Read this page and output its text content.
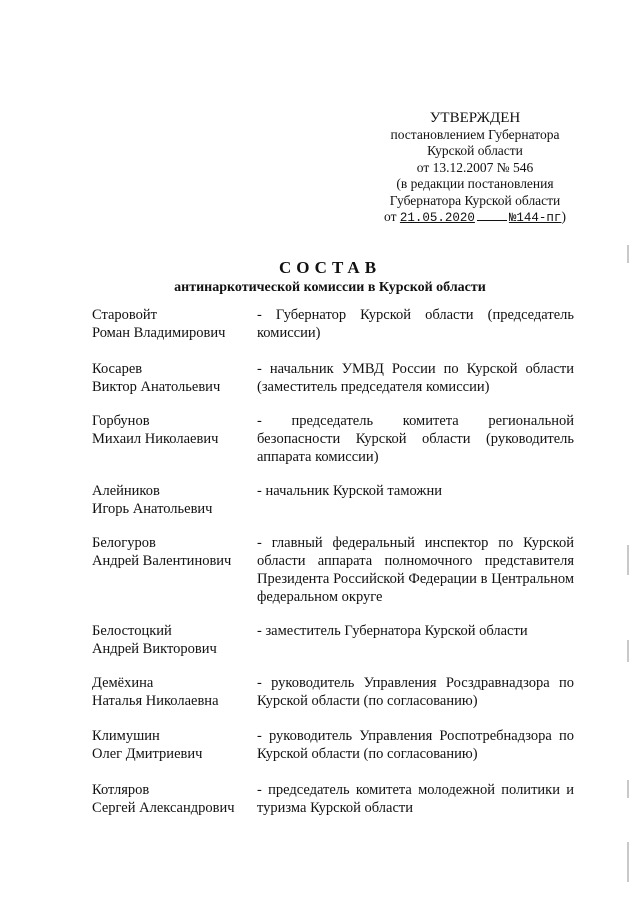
УТВЕРЖДЕН
постановлением Губернатора
Курской области
от 13.12.2007 № 546
(в редакции постановления
Губернатора Курской области
от 21.05.2020	№144-пг)
СОСТАВ
антинаркотической комиссии в Курской области
Старовойт
Роман Владимирович
- Губернатор Курской области (председатель комиссии)
Косарев
Виктор Анатольевич
- начальник УМВД России по Курской области (заместитель председателя комиссии)
Горбунов
Михаил Николаевич
- председатель комитета региональной безопасности Курской области (руководитель аппарата комиссии)
Алейников
Игорь Анатольевич
- начальник Курской таможни
Белогуров
Андрей Валентинович
- главный федеральный инспектор по Курской области аппарата полномочного представителя Президента Российской Федерации в Центральном федеральном округе
Белостоцкий
Андрей Викторович
- заместитель Губернатора Курской области
Демёхина
Наталья Николаевна
- руководитель Управления Росздравнадзора по Курской области (по согласованию)
Климушин
Олег Дмитриевич
- руководитель Управления Роспотребнадзора по Курской области (по согласованию)
Котляров
Сергей Александрович
- председатель комитета молодежной политики и туризма Курской области
